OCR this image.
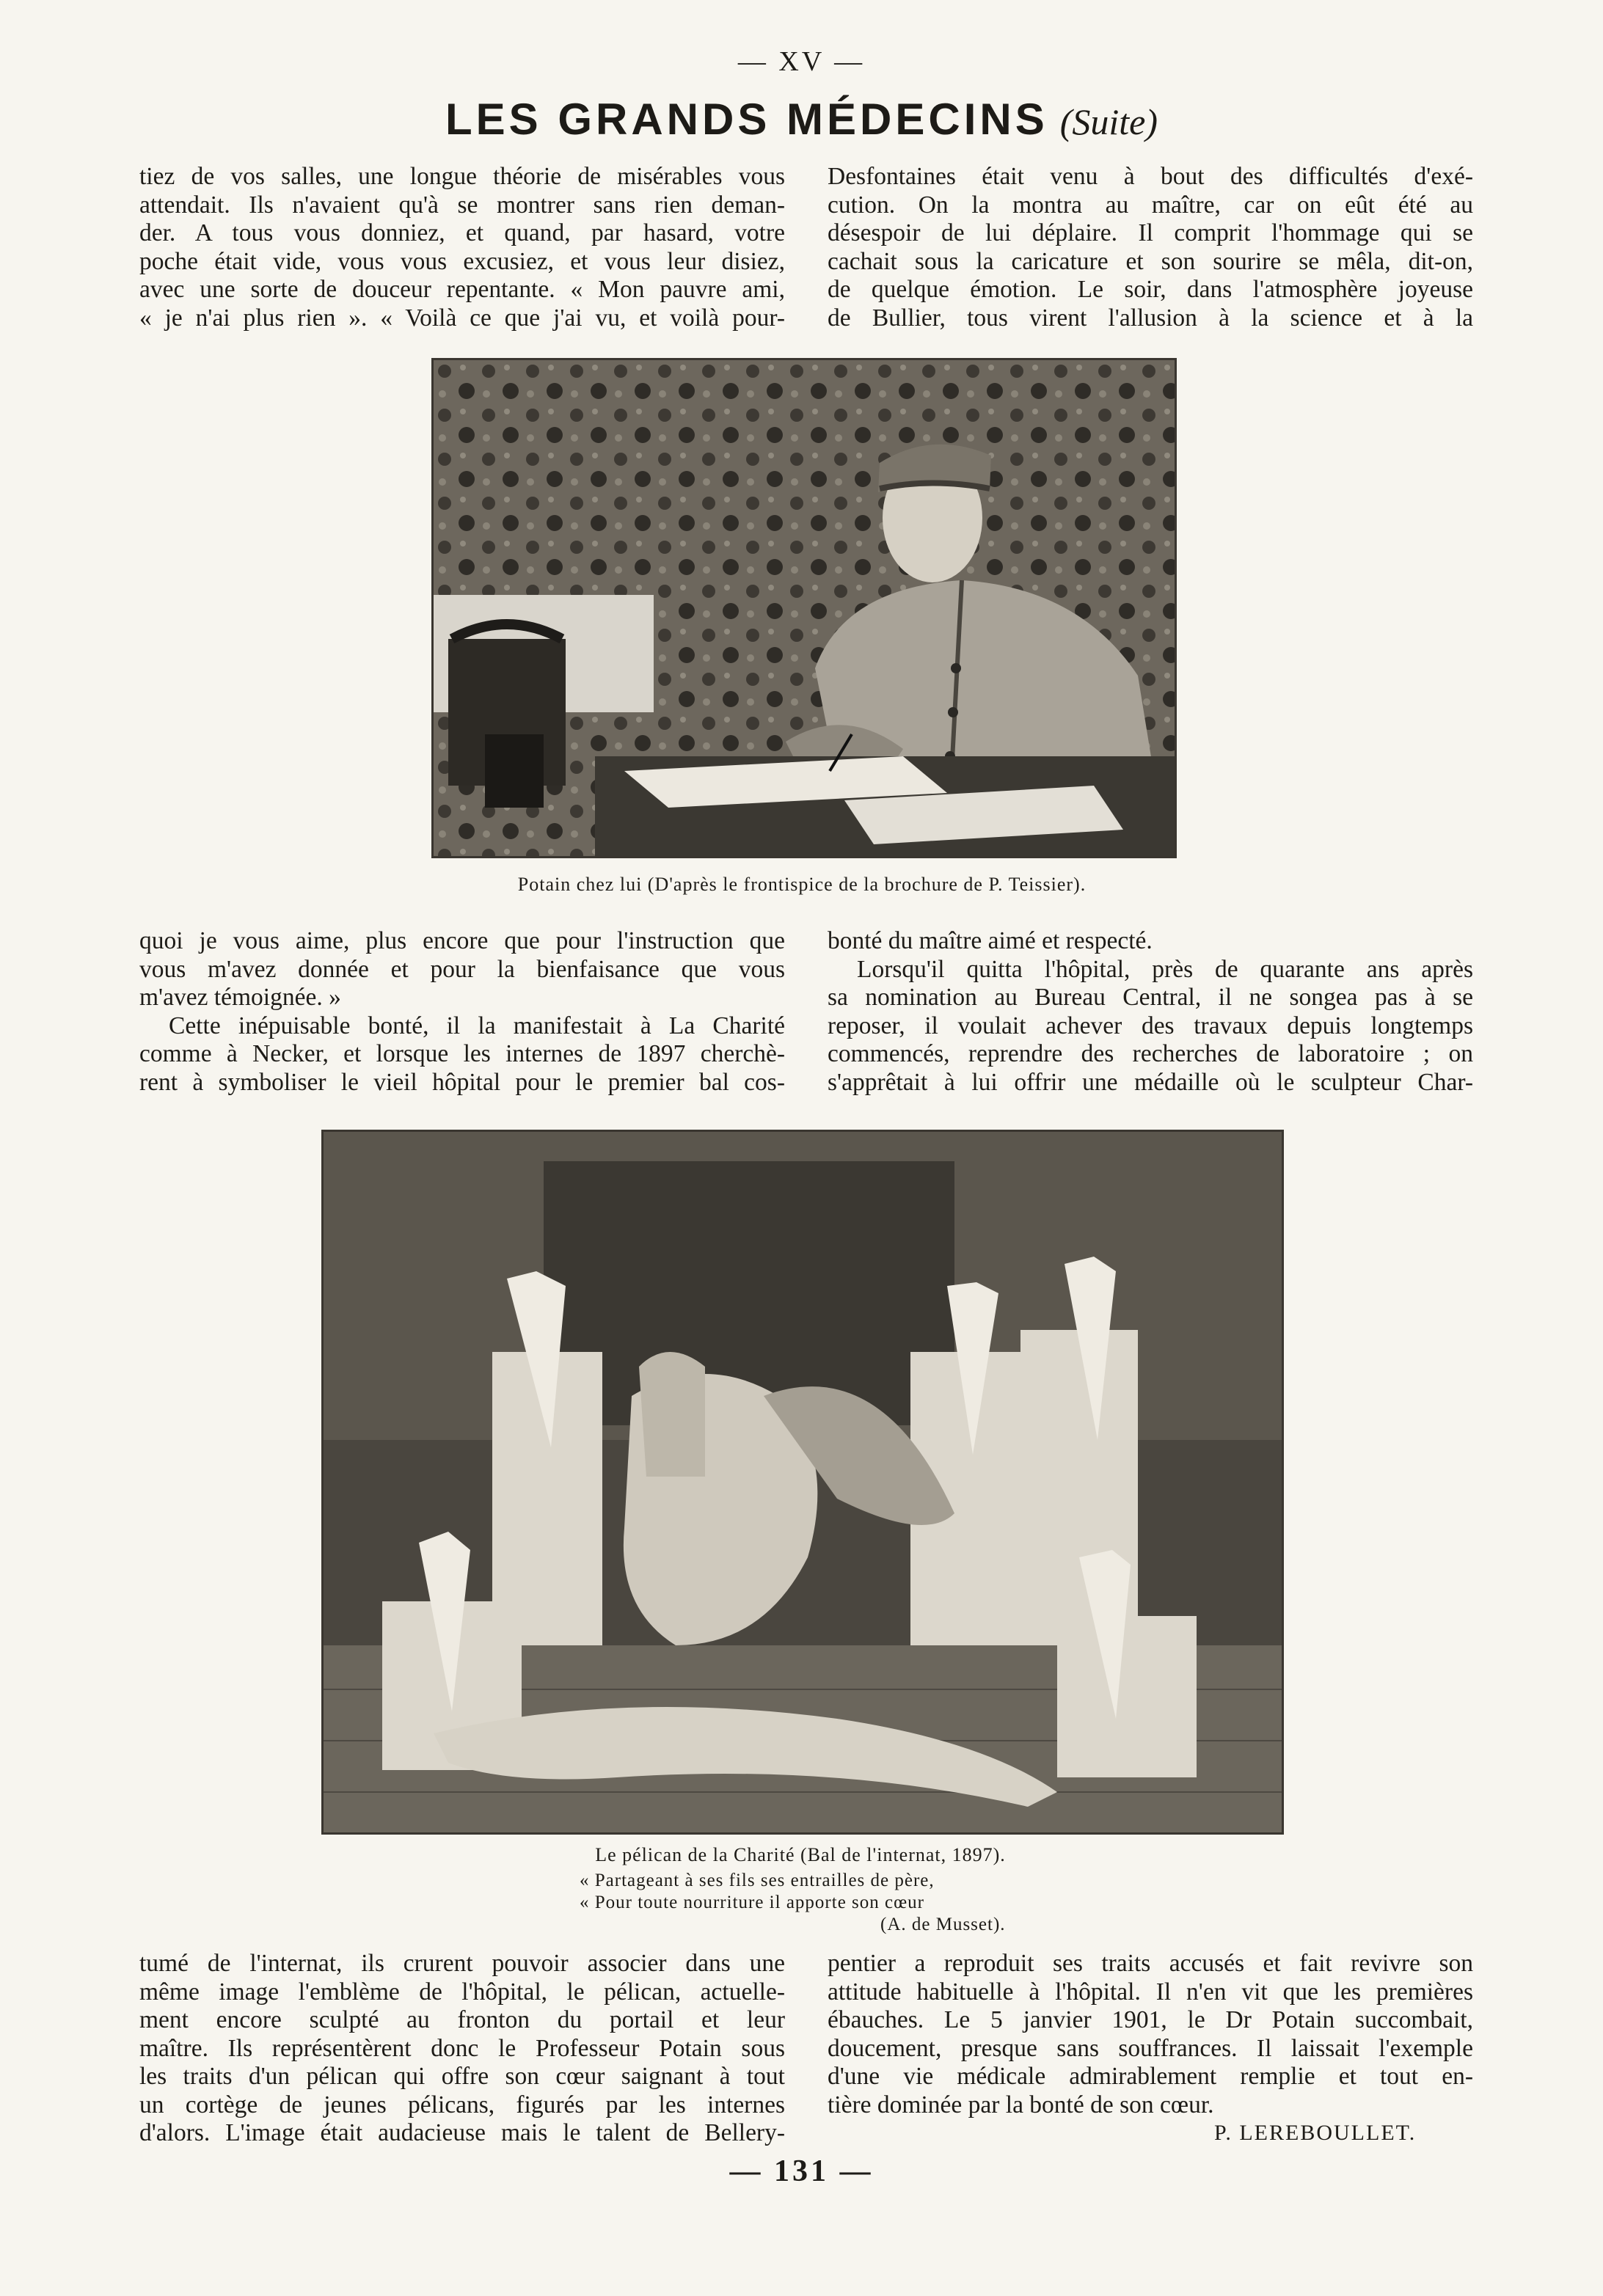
— XV —
LES GRANDS MÉDECINS (Suite)
tiez de vos salles, une longue théorie de misérables vous
attendait. Ils n'avaient qu'à se montrer sans rien deman-
der. A tous vous donniez, et quand, par hasard, votre
poche était vide, vous vous excusiez, et vous leur disiez,
avec une sorte de douceur repentante. « Mon pauvre ami,
« je n'ai plus rien ». « Voilà ce que j'ai vu, et voilà pour-
Desfontaines était venu à bout des difficultés d'exé-
cution. On la montra au maître, car on eût été au
désespoir de lui déplaire. Il comprit l'hommage qui se
cachait sous la caricature et son sourire se mêla, dit-on,
de quelque émotion. Le soir, dans l'atmosphère joyeuse
de Bullier, tous virent l'allusion à la science et à la
Potain chez lui (D'après le frontispice de la brochure de P. Teissier).
quoi je vous aime, plus encore que pour l'instruction que
vous m'avez donnée et pour la bienfaisance que vous
m'avez témoignée. »
Cette inépuisable bonté, il la manifestait à La Charité
comme à Necker, et lorsque les internes de 1897 cherchè-
rent à symboliser le vieil hôpital pour le premier bal cos-
bonté du maître aimé et respecté.
Lorsqu'il quitta l'hôpital, près de quarante ans après
sa nomination au Bureau Central, il ne songea pas à se
reposer, il voulait achever des travaux depuis longtemps
commencés, reprendre des recherches de laboratoire ; on
s'apprêtait à lui offrir une médaille où le sculpteur Char-
Le pélican de la Charité (Bal de l'internat, 1897).
« Partageant à ses fils ses entrailles de père,
« Pour toute nourriture il apporte son cœur
(A. de Musset).
tumé de l'internat, ils crurent pouvoir associer dans une
même image l'emblème de l'hôpital, le pélican, actuelle-
ment encore sculpté au fronton du portail et leur
maître. Ils représentèrent donc le Professeur Potain sous
les traits d'un pélican qui offre son cœur saignant à tout
un cortège de jeunes pélicans, figurés par les internes
d'alors. L'image était audacieuse mais le talent de Bellery-
pentier a reproduit ses traits accusés et fait revivre son
attitude habituelle à l'hôpital. Il n'en vit que les premières
ébauches. Le 5 janvier 1901, le Dr Potain succombait,
doucement, presque sans souffrances. Il laissait l'exemple
d'une vie médicale admirablement remplie et tout en-
tière dominée par la bonté de son cœur.
P. LEREBOULLET.
— 131 —
